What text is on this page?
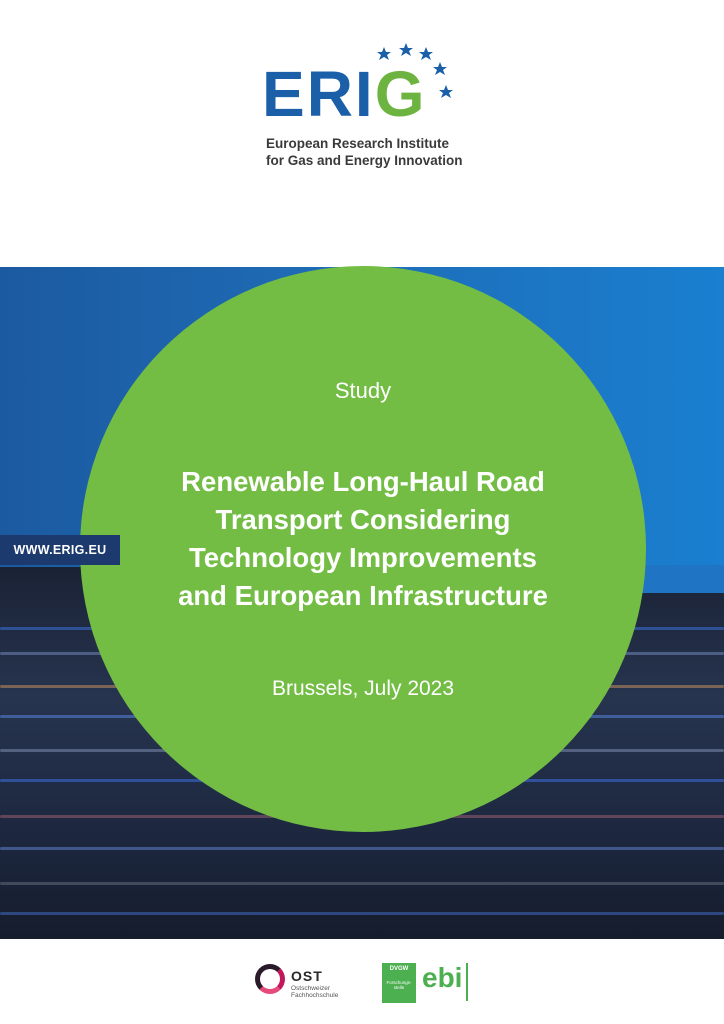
ERIG
European Research Institute
for Gas and Energy Innovation
Study
Renewable Long-Haul Road
Transport Considering
Technology Improvements
and European Infrastructure
Brussels, July 2023
WWW.ERIG.EU
OST
Ostschweizer Fachhochschule
DVGW
Forschungs-stelle ebi
